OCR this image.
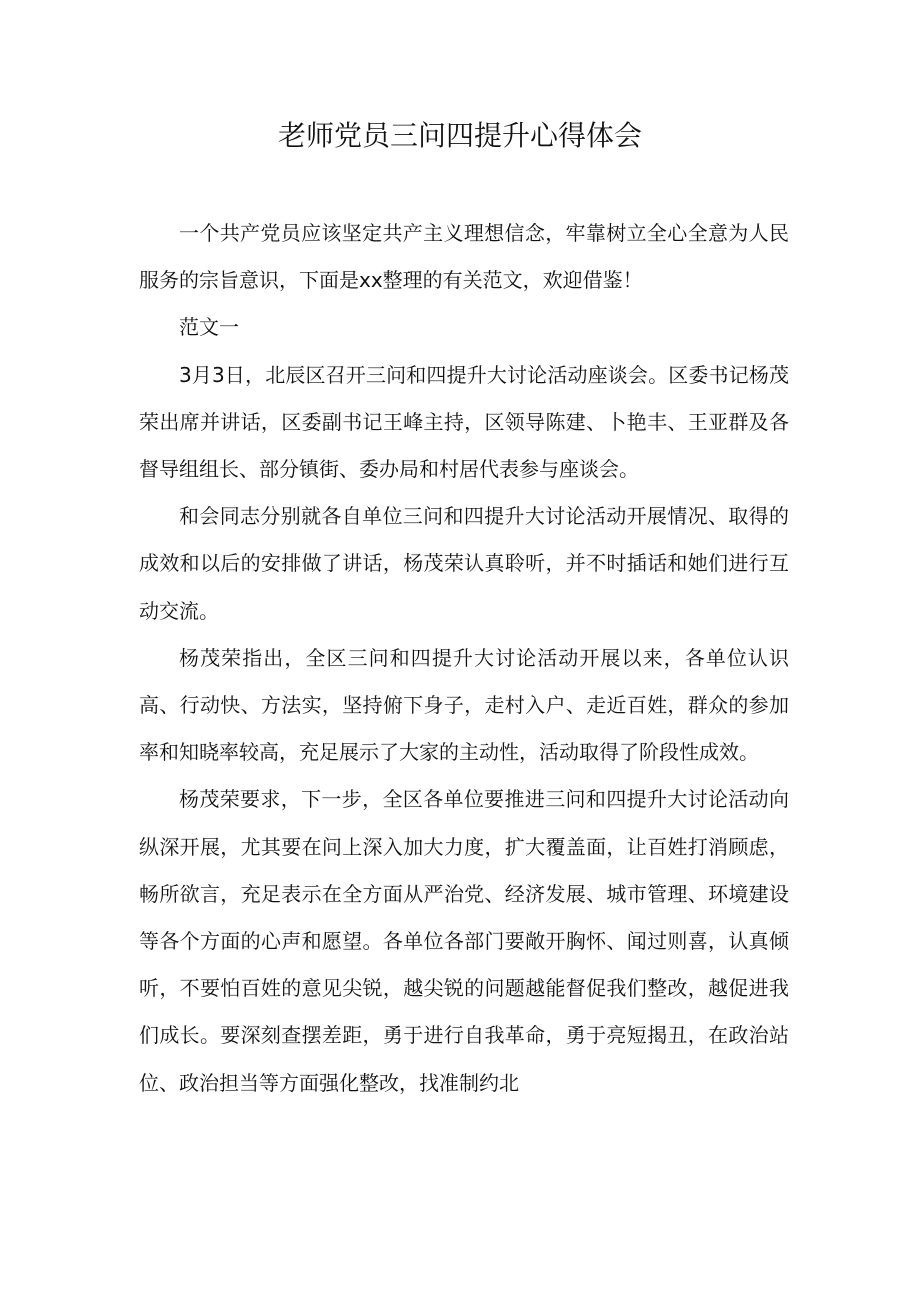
老师党员三问四提升心得体会

一个共产党员应该坚定共产主义理想信念，牢靠树立全心全意为人民服务的宗旨意识，下面是xx整理的有关范文，欢迎借鉴！

范文一

3月3日，北辰区召开三问和四提升大讨论活动座谈会。区委书记杨茂荣出席并讲话，区委副书记王峰主持，区领导陈建、卜艳丰、王亚群及各督导组组长、部分镇街、委办局和村居代表参与座谈会。

和会同志分别就各自单位三问和四提升大讨论活动开展情况、取得的成效和以后的安排做了讲话，杨茂荣认真聆听，并不时插话和她们进行互动交流。

杨茂荣指出，全区三问和四提升大讨论活动开展以来，各单位认识高、行动快、方法实，坚持俯下身子，走村入户、走近百姓，群众的参加率和知晓率较高，充足展示了大家的主动性，活动取得了阶段性成效。

杨茂荣要求，下一步，全区各单位要推进三问和四提升大讨论活动向纵深开展，尤其要在问上深入加大力度，扩大覆盖面，让百姓打消顾虑，畅所欲言，充足表示在全方面从严治党、经济发展、城市管理、环境建设等各个方面的心声和愿望。各单位各部门要敞开胸怀、闻过则喜，认真倾听，不要怕百姓的意见尖锐，越尖锐的问题越能督促我们整改，越促进我们成长。要深刻查摆差距，勇于进行自我革命，勇于亮短揭丑，在政治站位、政治担当等方面强化整改，找准制约北
